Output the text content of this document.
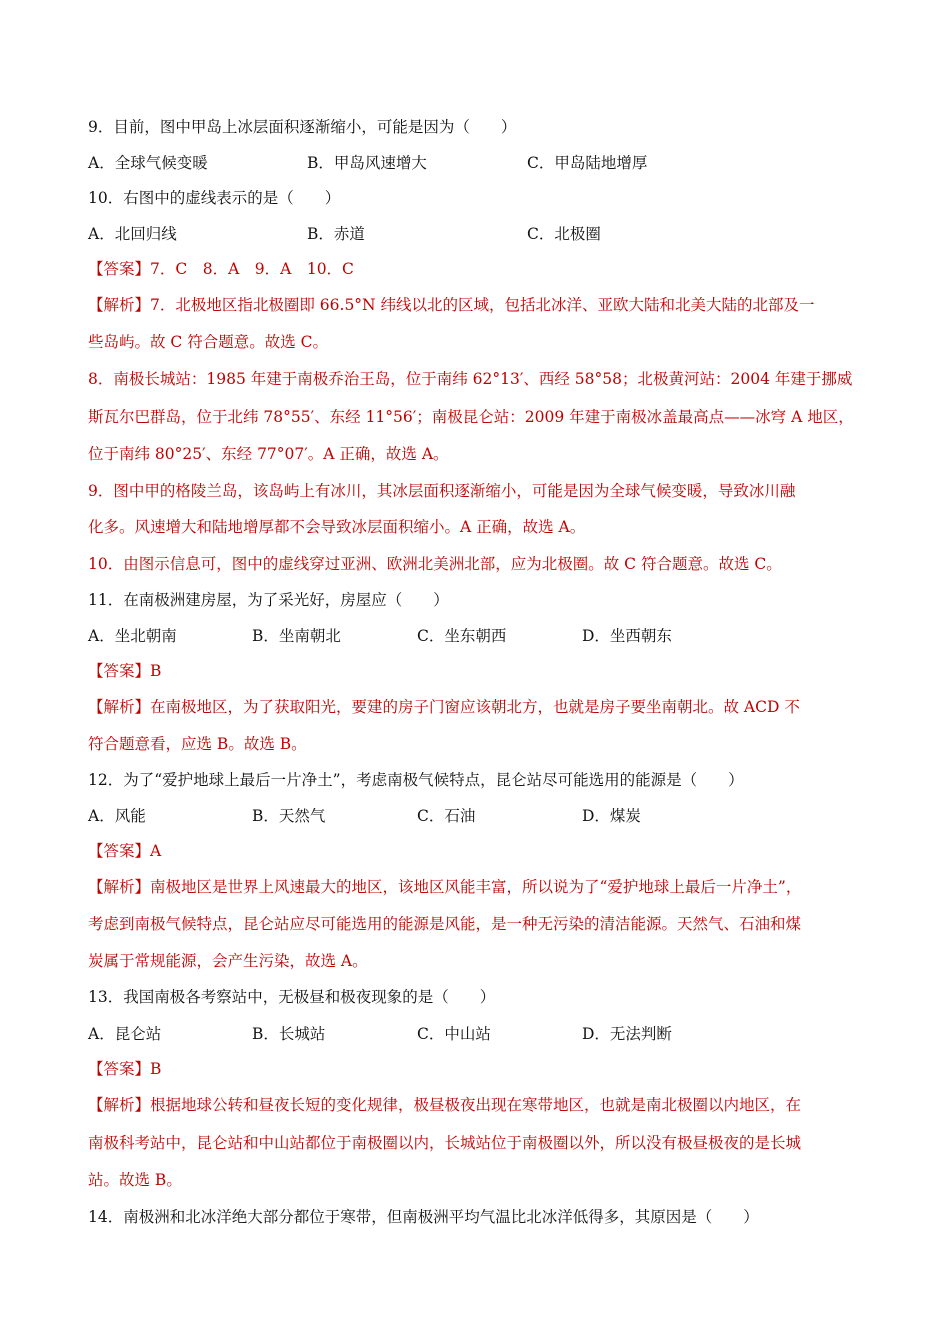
9．目前，图中甲岛上冰层面积逐渐缩小，可能是因为（　　）
A．全球气候变暖	B．甲岛风速增大	C．甲岛陆地增厚
10．右图中的虚线表示的是（　　）
A．北回归线	B．赤道	C．北极圈
【答案】7．C　8．A　9．A　10．C
【解析】7．北极地区指北极圈即 66.5°N 纬线以北的区域，包括北冰洋、亚欧大陆和北美大陆的北部及一
些岛屿。故 C 符合题意。故选 C。
8．南极长城站：1985 年建于南极乔治王岛，位于南纬 62°13′、西经 58°58；北极黄河站：2004 年建于挪威
斯瓦尔巴群岛，位于北纬 78°55′、东经 11°56′；南极昆仑站：2009 年建于南极冰盖最高点——冰穹 A 地区，
位于南纬 80°25′、东经 77°07′。A 正确，故选 A。
9．图中甲的格陵兰岛，该岛屿上有冰川，其冰层面积逐渐缩小，可能是因为全球气候变暖，导致冰川融
化多。风速增大和陆地增厚都不会导致冰层面积缩小。A 正确，故选 A。
10．由图示信息可，图中的虚线穿过亚洲、欧洲北美洲北部，应为北极圈。故 C 符合题意。故选 C。
11．在南极洲建房屋，为了采光好，房屋应（　　）
A．坐北朝南	B．坐南朝北	C．坐东朝西	D．坐西朝东
【答案】B
【解析】在南极地区，为了获取阳光，要建的房子门窗应该朝北方，也就是房子要坐南朝北。故 ACD 不
符合题意看，应选 B。故选 B。
12．为了“爱护地球上最后一片净土”，考虑南极气候特点，昆仑站尽可能选用的能源是（　　）
A．风能	B．天然气	C．石油	D．煤炭
【答案】A
【解析】南极地区是世界上风速最大的地区，该地区风能丰富，所以说为了“爱护地球上最后一片净土”，
考虑到南极气候特点，昆仑站应尽可能选用的能源是风能，是一种无污染的清洁能源。天然气、石油和煤
炭属于常规能源，会产生污染，故选 A。
13．我国南极各考察站中，无极昼和极夜现象的是（　　）
A．昆仑站	B．长城站	C．中山站	D．无法判断
【答案】B
【解析】根据地球公转和昼夜长短的变化规律，极昼极夜出现在寒带地区，也就是南北极圈以内地区，在
南极科考站中，昆仑站和中山站都位于南极圈以内，长城站位于南极圈以外，所以没有极昼极夜的是长城
站。故选 B。
14．南极洲和北冰洋绝大部分都位于寒带，但南极洲平均气温比北冰洋低得多，其原因是（　　）
